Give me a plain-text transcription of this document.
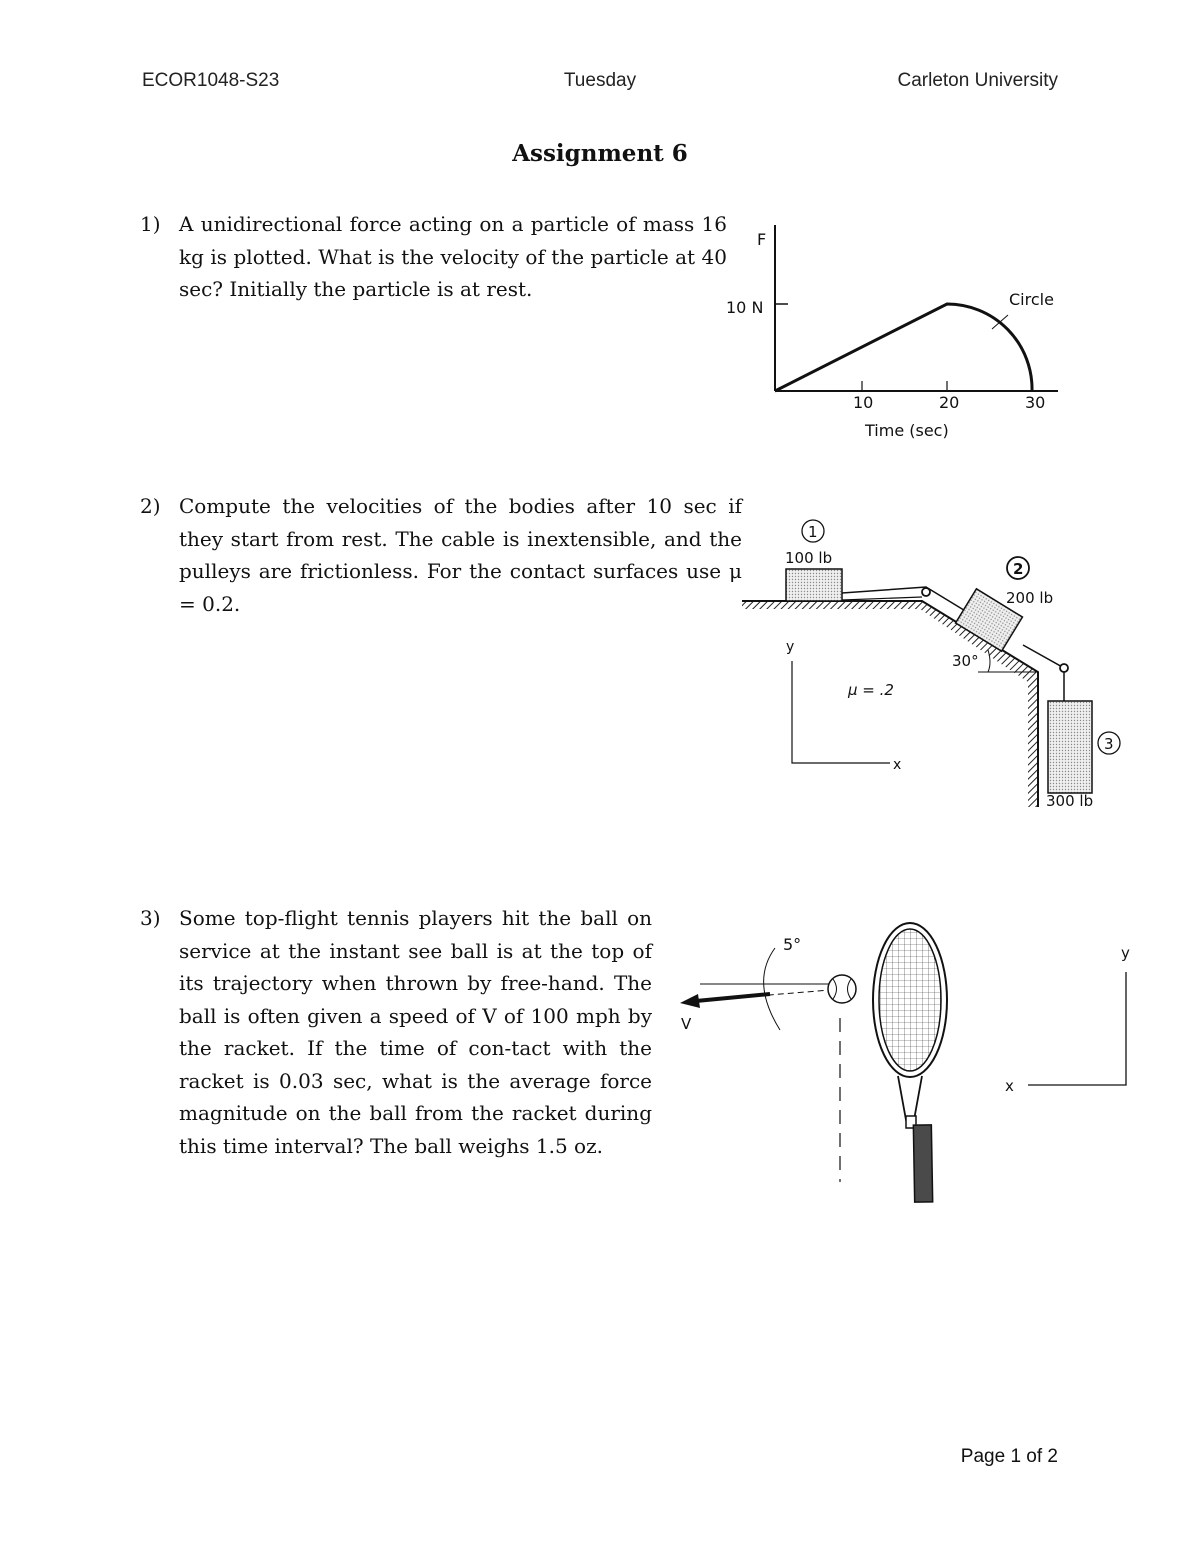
ECOR1048-S23	Tuesday	Carleton University
Assignment 6
1) A unidirectional force acting on a particle of mass 16 kg is plotted. What is the velocity of the particle at 40 sec? Initially the particle is at rest.
2) Compute the velocities of the bodies after 10 sec if they start from rest. The cable is inextensible, and the pulleys are frictionless. For the contact surfaces use μ = 0.2.
3) Some top-flight tennis players hit the ball on service at the instant see ball is at the top of its trajectory when thrown by free-hand. The ball is often given a speed of V of 100 mph by the racket. If the time of con-tact with the racket is 0.03 sec, what is the average force magnitude on the ball from the racket during this time interval? The ball weighs 1.5 oz.
F
10 N	Circle
10	20	30
Time (sec)
1
100 lb
2
200 lb
30°
3
300 lb
μ = .2
y
x
5°
V
y
x
Page 1 of 2
